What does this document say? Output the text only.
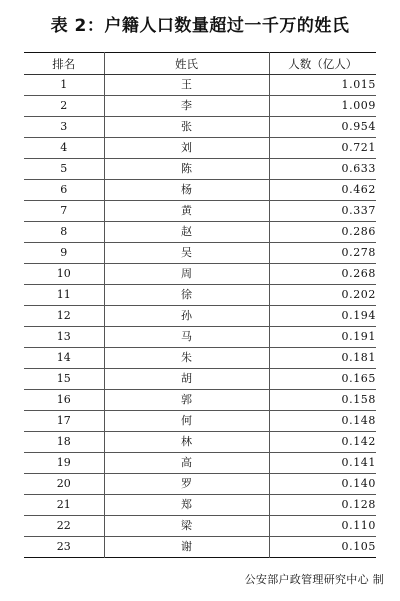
表 2：户籍人口数量超过一千万的姓氏
排名	姓氏	人数（亿人）
1	王	1.015
2	李	1.009
3	张	0.954
4	刘	0.721
5	陈	0.633
6	杨	0.462
7	黄	0.337
8	赵	0.286
9	吴	0.278
10	周	0.268
11	徐	0.202
12	孙	0.194
13	马	0.191
14	朱	0.181
15	胡	0.165
16	郭	0.158
17	何	0.148
18	林	0.142
19	高	0.141
20	罗	0.140
21	郑	0.128
22	梁	0.110
23	谢	0.105
公安部户政管理研究中心 制
